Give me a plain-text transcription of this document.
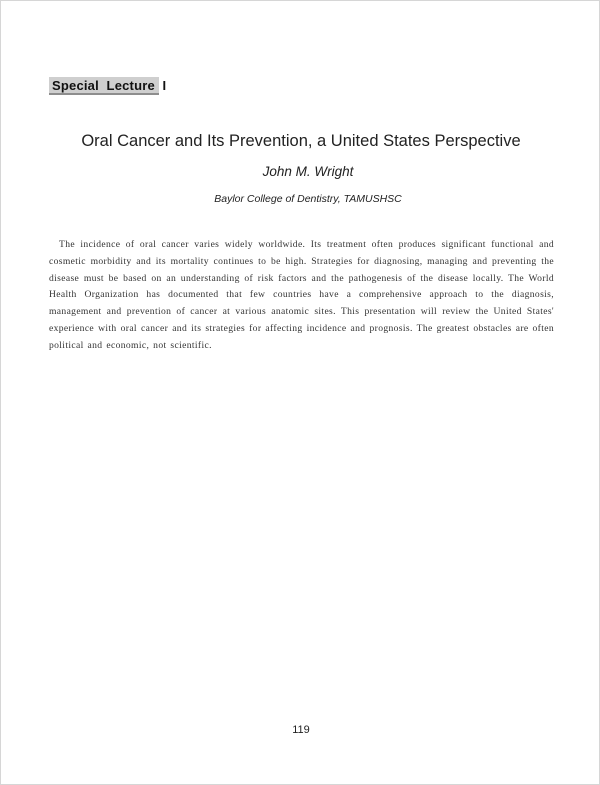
Special  Lecture  I
Oral Cancer and Its Prevention, a United States Perspective
John M. Wright
Baylor College of Dentistry, TAMUSHSC

The incidence of oral cancer varies widely worldwide. Its treatment often produces significant functional and cosmetic morbidity and its mortality continues to be high. Strategies for diagnosing, managing and preventing the disease must be based on an understanding of risk factors and the pathogenesis of the disease locally. The World Health Organization has documented that few countries have a comprehensive approach to the diagnosis, management and prevention of cancer at various anatomic sites. This presentation will review the United States' experience with oral cancer and its strategies for affecting incidence and prognosis. The greatest obstacles are often political and economic, not scientific.

119
